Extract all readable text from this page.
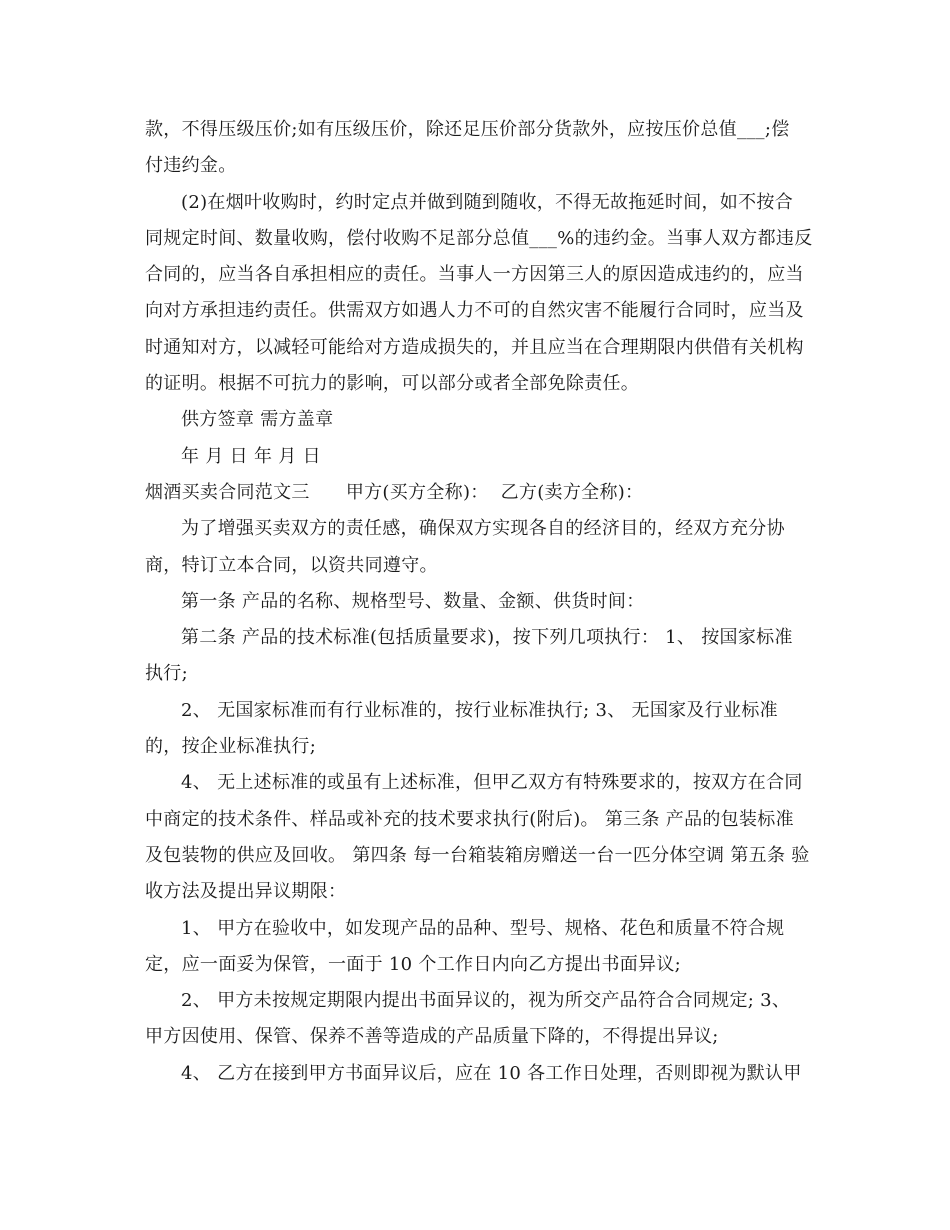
款，不得压级压价;如有压级压价，除还足压价部分货款外，应按压价总值___;偿
付违约金。
(2)在烟叶收购时，约时定点并做到随到随收，不得无故拖延时间，如不按合
同规定时间、数量收购，偿付收购不足部分总值___%的违约金。当事人双方都违反
合同的，应当各自承担相应的责任。当事人一方因第三人的原因造成违约的，应当
向对方承担违约责任。供需双方如遇人力不可的自然灾害不能履行合同时，应当及
时通知对方，以减轻可能给对方造成损失的，并且应当在合理期限内供借有关机构
的证明。根据不可抗力的影响，可以部分或者全部免除责任。
供方签章 需方盖章
年 月 日 年 月 日
烟酒买卖合同范文三      甲方(买方全称)：  乙方(卖方全称)：
为了增强买卖双方的责任感，确保双方实现各自的经济目的，经双方充分协
商，特订立本合同，以资共同遵守。
第一条 产品的名称、规格型号、数量、金额、供货时间：
第二条 产品的技术标准(包括质量要求)，按下列几项执行： 1、 按国家标准
执行;
2、 无国家标准而有行业标准的，按行业标准执行; 3、 无国家及行业标准
的，按企业标准执行;
4、 无上述标准的或虽有上述标准，但甲乙双方有特殊要求的，按双方在合同
中商定的技术条件、样品或补充的技术要求执行(附后)。 第三条 产品的包装标准
及包装物的供应及回收。 第四条 每一台箱装箱房赠送一台一匹分体空调 第五条 验
收方法及提出异议期限：
1、 甲方在验收中，如发现产品的品种、型号、规格、花色和质量不符合规
定，应一面妥为保管，一面于 10 个工作日内向乙方提出书面异议;
2、 甲方未按规定期限内提出书面异议的，视为所交产品符合合同规定; 3、
甲方因使用、保管、保养不善等造成的产品质量下降的，不得提出异议;
4、 乙方在接到甲方书面异议后，应在 10 各工作日处理，否则即视为默认甲
